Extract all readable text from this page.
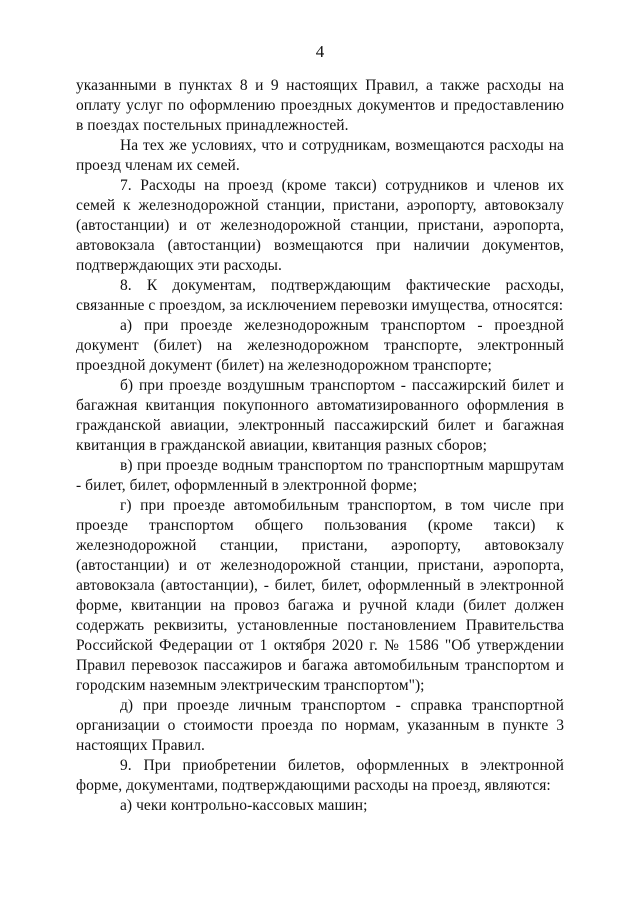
4

указанными в пунктах 8 и 9 настоящих Правил, а также расходы на оплату услуг по оформлению проездных документов и предоставлению в поездах постельных принадлежностей.

На тех же условиях, что и сотрудникам, возмещаются расходы на проезд членам их семей.

7. Расходы на проезд (кроме такси) сотрудников и членов их семей к железнодорожной станции, пристани, аэропорту, автовокзалу (автостанции) и от железнодорожной станции, пристани, аэропорта, автовокзала (автостанции) возмещаются при наличии документов, подтверждающих эти расходы.

8. К документам, подтверждающим фактические расходы, связанные с проездом, за исключением перевозки имущества, относятся:

а) при проезде железнодорожным транспортом - проездной документ (билет) на железнодорожном транспорте, электронный проездной документ (билет) на железнодорожном транспорте;

б) при проезде воздушным транспортом - пассажирский билет и багажная квитанция покупонного автоматизированного оформления в гражданской авиации, электронный пассажирский билет и багажная квитанция в гражданской авиации, квитанция разных сборов;

в) при проезде водным транспортом по транспортным маршрутам - билет, билет, оформленный в электронной форме;

г) при проезде автомобильным транспортом, в том числе при проезде транспортом общего пользования (кроме такси) к железнодорожной станции, пристани, аэропорту, автовокзалу (автостанции) и от железнодорожной станции, пристани, аэропорта, автовокзала (автостанции), - билет, билет, оформленный в электронной форме, квитанции на провоз багажа и ручной клади (билет должен содержать реквизиты, установленные постановлением Правительства Российской Федерации от 1 октября 2020 г. № 1586 "Об утверждении Правил перевозок пассажиров и багажа автомобильным транспортом и городским наземным электрическим транспортом");

д) при проезде личным транспортом - справка транспортной организации о стоимости проезда по нормам, указанным в пункте 3 настоящих Правил.

9. При приобретении билетов, оформленных в электронной форме, документами, подтверждающими расходы на проезд, являются:

а) чеки контрольно-кассовых машин;
